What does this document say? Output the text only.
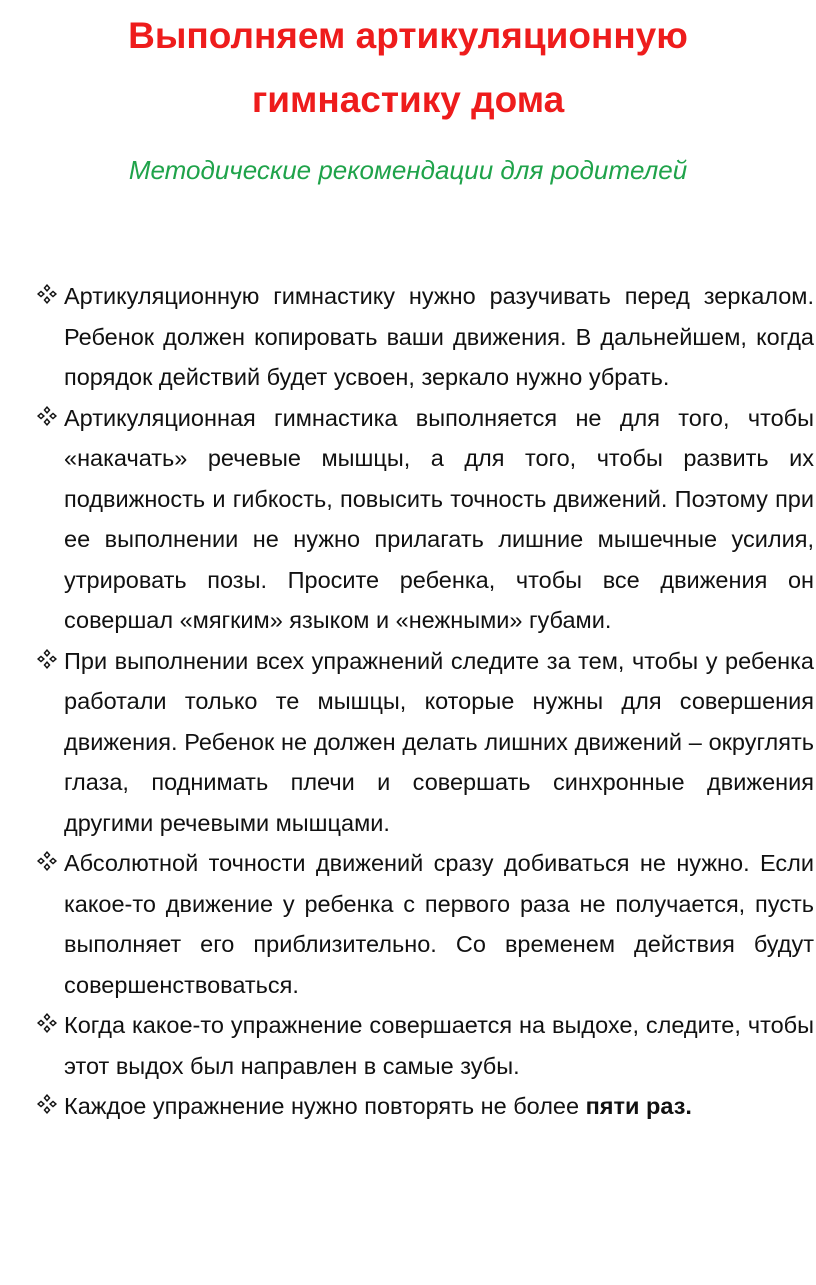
Выполняем артикуляционную
гимнастику дома

Методические рекомендации для родителей

Артикуляционную гимнастику нужно разучивать перед зеркалом. Ребенок должен копировать ваши движения. В дальнейшем, когда порядок действий будет усвоен, зеркало нужно убрать.
Артикуляционная гимнастика выполняется не для того, чтобы «накачать» речевые мышцы, а для того, чтобы развить их подвижность и гибкость, повысить точность движений. Поэтому при ее выполнении не нужно прилагать лишние мышечные усилия, утрировать позы. Просите ребенка, чтобы все движения он совершал «мягким» языком и «нежными» губами.
При выполнении всех упражнений следите за тем, чтобы у ребенка работали только те мышцы, которые нужны для совершения движения. Ребенок не должен делать лишних движений – округлять глаза, поднимать плечи и совершать синхронные движения другими речевыми мышцами.
Абсолютной точности движений сразу добиваться не нужно. Если какое-то движение у ребенка с первого раза не получается, пусть выполняет его приблизительно. Со временем действия будут совершенствоваться.
Когда какое-то упражнение совершается на выдохе, следите, чтобы этот выдох был направлен в самые зубы.
Каждое упражнение нужно повторять не более пяти раз.
